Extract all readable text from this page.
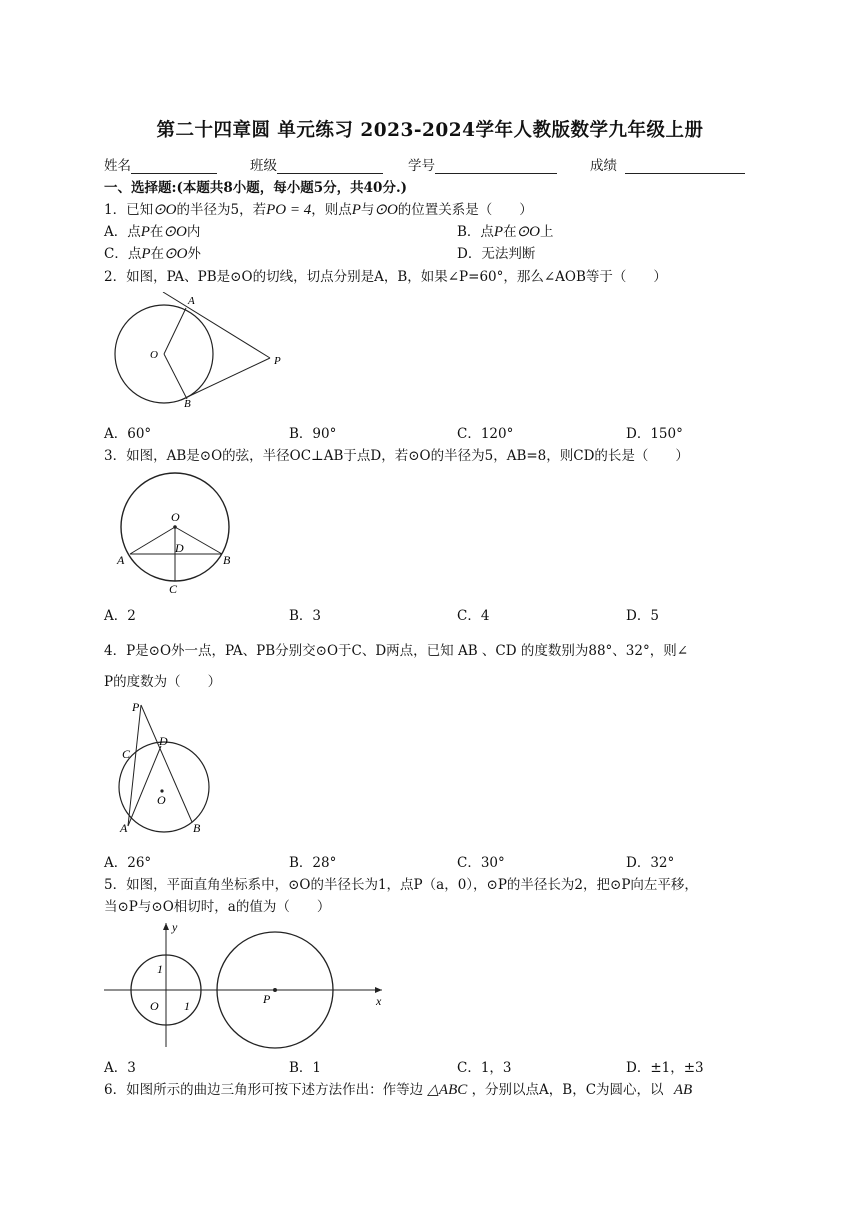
第二十四章圆 单元练习 2023-2024学年人教版数学九年级上册
姓名	班级	学号	成绩
一、选择题:(本题共8小题，每小题5分，共40分.)
1．已知⊙O的半径为5，若PO = 4，则点P与⊙O的位置关系是（　　）
A．点P在⊙O内	B．点P在⊙O上
C．点P在⊙O外	D．无法判断
2．如图，PA、PB是⊙O的切线，切点分别是A，B，如果∠P=60°，那么∠AOB等于（　　）
A
B
O	P
A．60°	B．90°	C．120°	D．150°
3．如图，AB是⊙O的弦，半径OC⊥AB于点D，若⊙O的半径为5，AB=8，则CD的长是（　　）
O
D
A	B
C
A．2	B．3	C．4	D．5
4．P是⊙O外一点，PA、PB分别交⊙O于C、D两点，已知 AB 、CD 的度数别为88°、32°，则∠
P的度数为（　　）
P
C
D
O
A	B
A．26°	B．28°	C．30°	D．32°
5．如图，平面直角坐标系中，⊙O的半径长为1，点P（a，0），⊙P的半径长为2，把⊙P向左平移，
当⊙P与⊙O相切时，a的值为（　　）
y
x
O
1
1	P
A．3	B．1	C．1，3	D．±1，±3
6．如图所示的曲边三角形可按下述方法作出：作等边 △ABC ，分别以点A，B，C为圆心，以 AB
